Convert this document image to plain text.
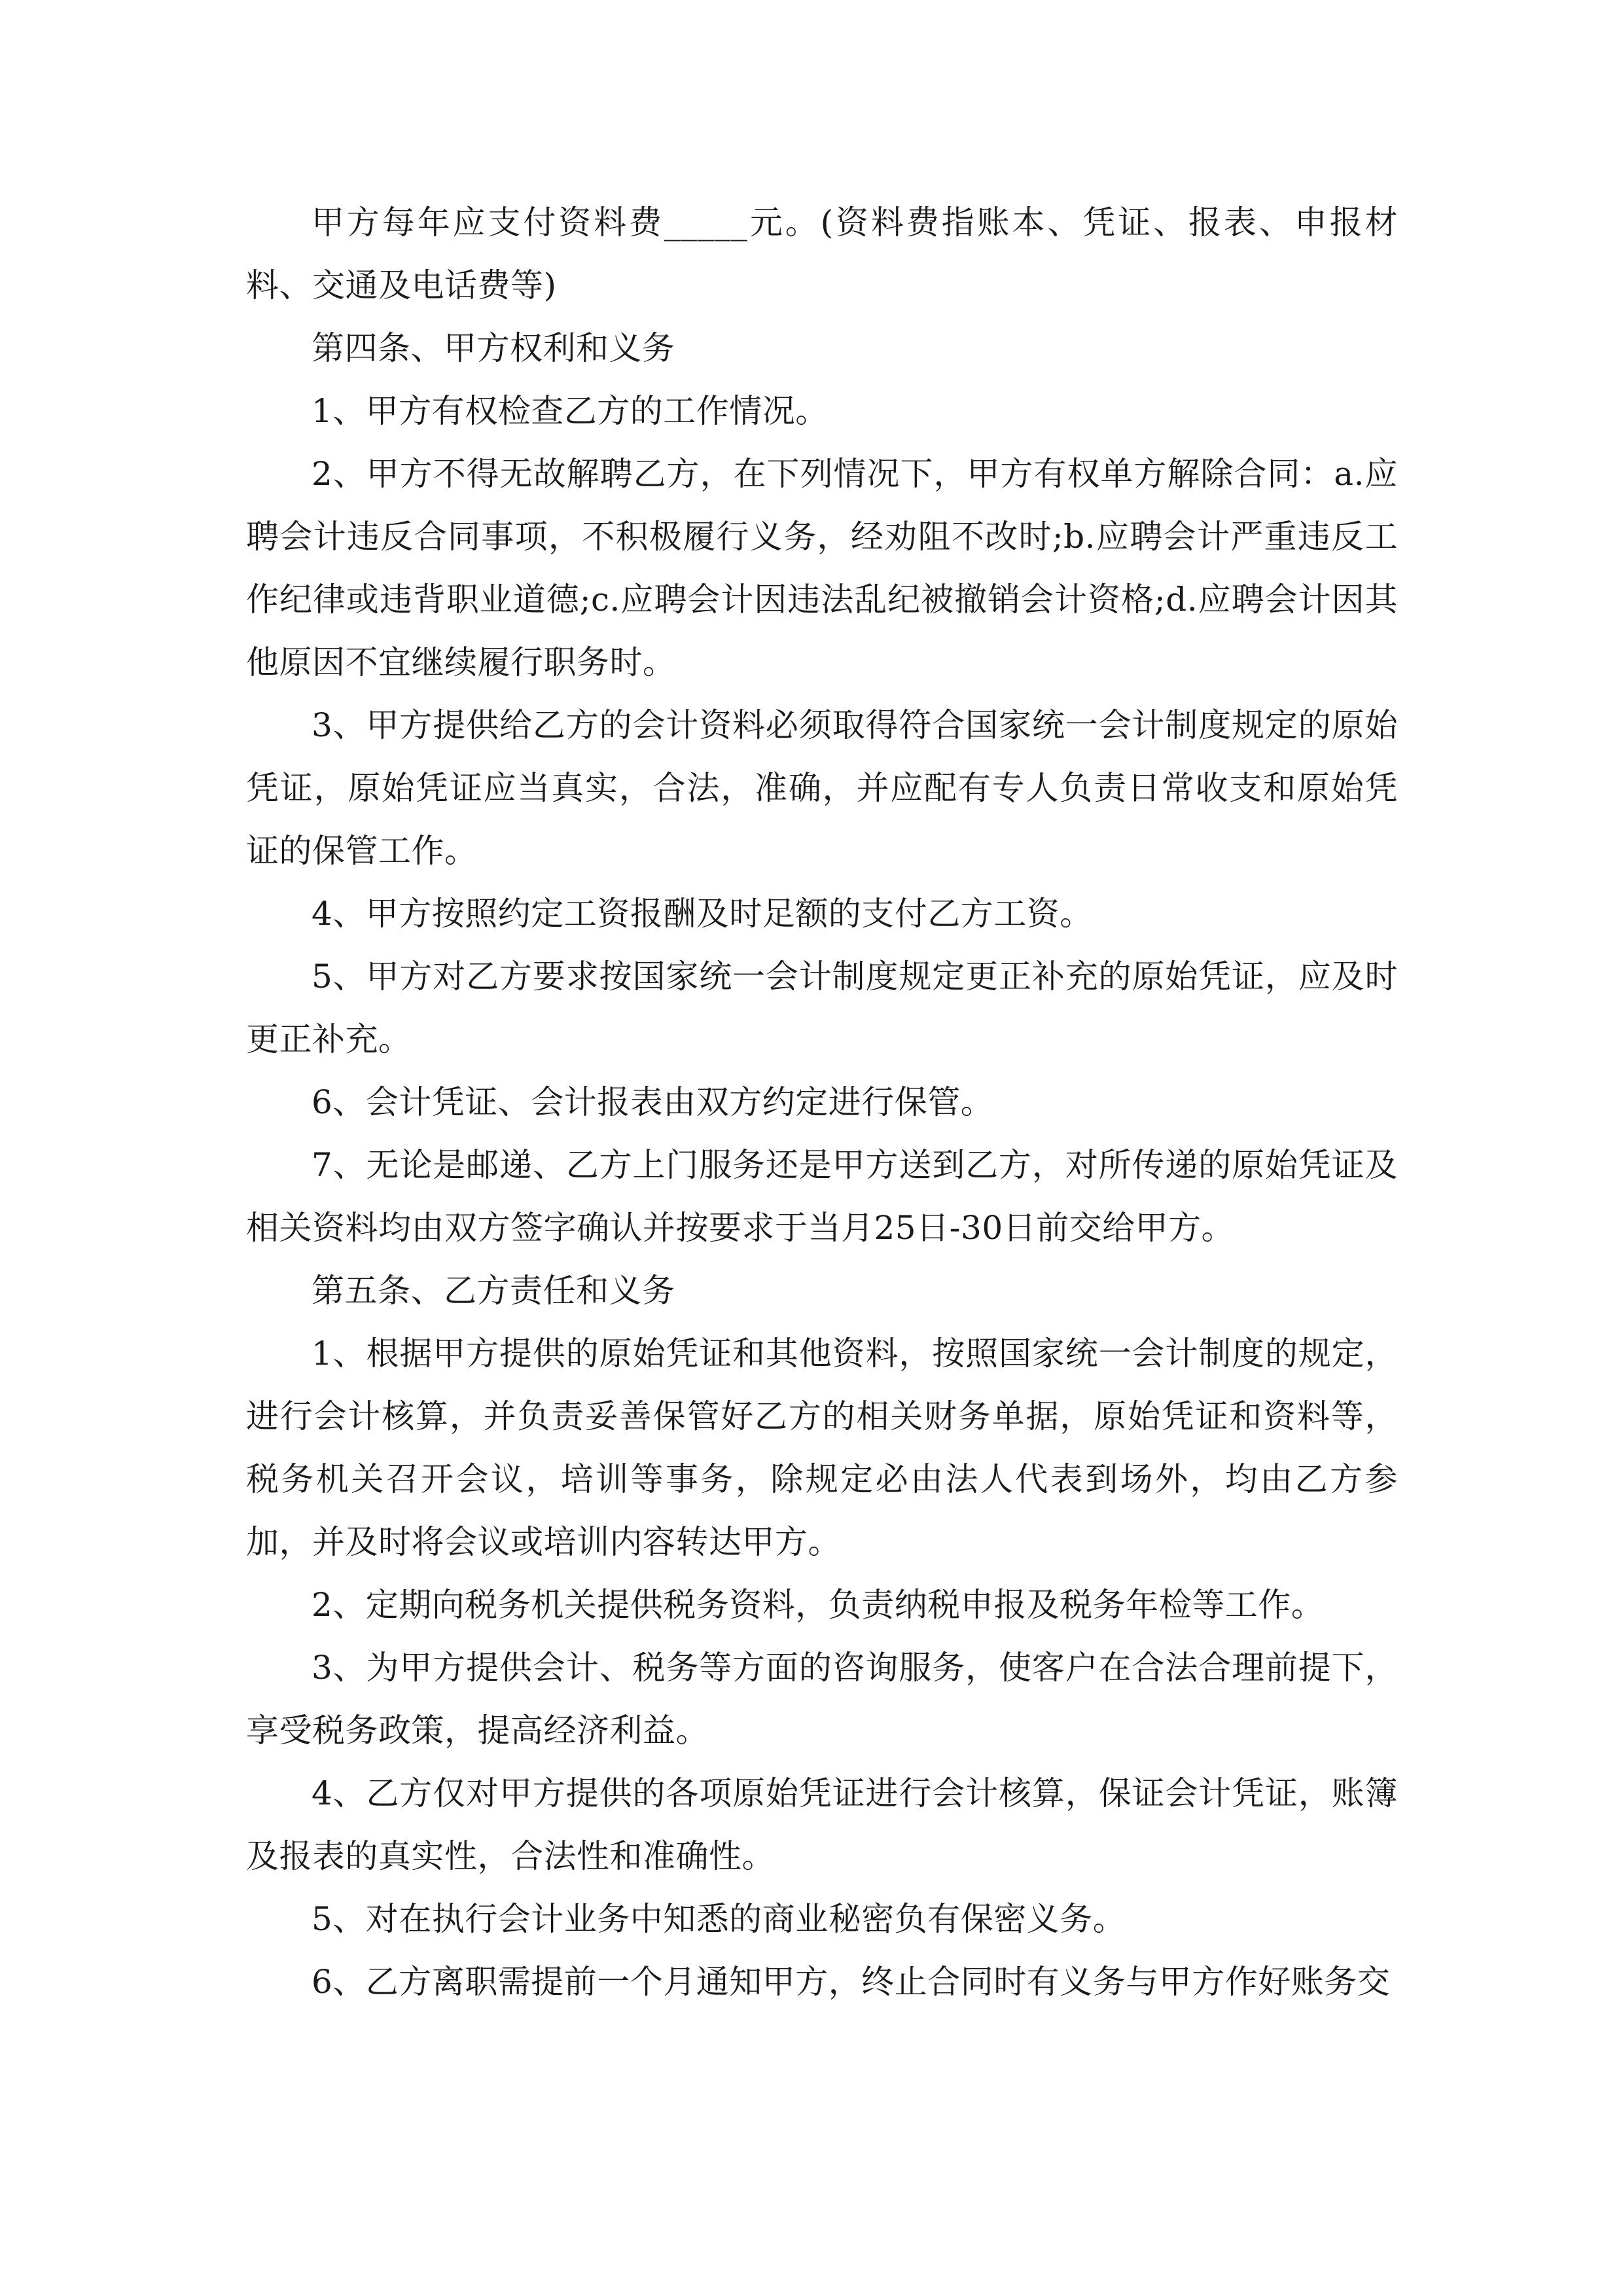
甲方每年应支付资料费_____元。(资料费指账本、凭证、报表、申报材料、交通及电话费等)

第四条、甲方权利和义务

1、甲方有权检查乙方的工作情况。

2、甲方不得无故解聘乙方，在下列情况下，甲方有权单方解除合同：a.应聘会计违反合同事项，不积极履行义务，经劝阻不改时;b.应聘会计严重违反工作纪律或违背职业道德;c.应聘会计因违法乱纪被撤销会计资格;d.应聘会计因其他原因不宜继续履行职务时。

3、甲方提供给乙方的会计资料必须取得符合国家统一会计制度规定的原始凭证，原始凭证应当真实，合法，准确，并应配有专人负责日常收支和原始凭证的保管工作。

4、甲方按照约定工资报酬及时足额的支付乙方工资。

5、甲方对乙方要求按国家统一会计制度规定更正补充的原始凭证，应及时更正补充。

6、会计凭证、会计报表由双方约定进行保管。

7、无论是邮递、乙方上门服务还是甲方送到乙方，对所传递的原始凭证及相关资料均由双方签字确认并按要求于当月25日-30日前交给甲方。

第五条、乙方责任和义务

1、根据甲方提供的原始凭证和其他资料，按照国家统一会计制度的规定，进行会计核算，并负责妥善保管好乙方的相关财务单据，原始凭证和资料等，税务机关召开会议，培训等事务，除规定必由法人代表到场外，均由乙方参加，并及时将会议或培训内容转达甲方。

2、定期向税务机关提供税务资料，负责纳税申报及税务年检等工作。

3、为甲方提供会计、税务等方面的咨询服务，使客户在合法合理前提下，享受税务政策，提高经济利益。

4、乙方仅对甲方提供的各项原始凭证进行会计核算，保证会计凭证，账簿及报表的真实性，合法性和准确性。

5、对在执行会计业务中知悉的商业秘密负有保密义务。

6、乙方离职需提前一个月通知甲方，终止合同时有义务与甲方作好账务交
